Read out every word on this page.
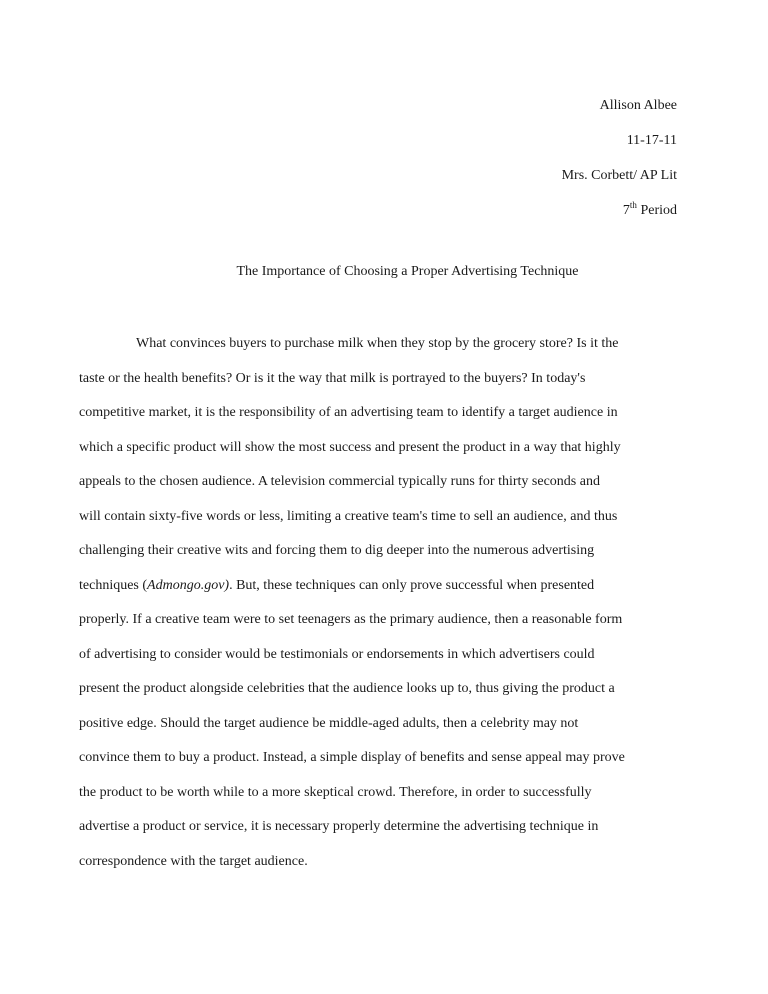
Allison Albee
11-17-11
Mrs. Corbett/ AP Lit
7th Period
The Importance of Choosing a Proper Advertising Technique
What convinces buyers to purchase milk when they stop by the grocery store? Is it the
taste or the health benefits? Or is it the way that milk is portrayed to the buyers? In today's
competitive market, it is the responsibility of an advertising team to identify a target audience in
which a specific product will show the most success and present the product in a way that highly
appeals to the chosen audience. A television commercial typically runs for thirty seconds and
will contain sixty-five words or less, limiting a creative team's time to sell an audience, and thus
challenging their creative wits and forcing them to dig deeper into the numerous advertising
techniques (Admongo.gov). But, these techniques can only prove successful when presented
properly. If a creative team were to set teenagers as the primary audience, then a reasonable form
of advertising to consider would be testimonials or endorsements in which advertisers could
present the product alongside celebrities that the audience looks up to, thus giving the product a
positive edge. Should the target audience be middle-aged adults, then a celebrity may not
convince them to buy a product. Instead, a simple display of benefits and sense appeal may prove
the product to be worth while to a more skeptical crowd. Therefore, in order to successfully
advertise a product or service, it is necessary properly determine the advertising technique in
correspondence with the target audience.
